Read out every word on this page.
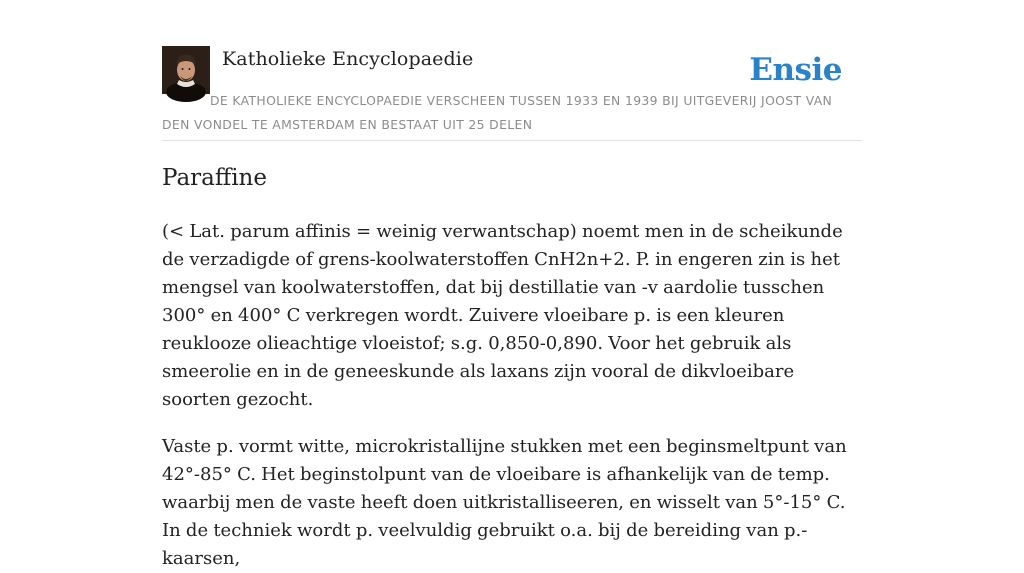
Katholieke Encyclopaedie	Ensie
DE KATHOLIEKE ENCYCLOPAEDIE VERSCHEEN TUSSEN 1933 EN 1939 BIJ UITGEVERIJ JOOST VAN DEN VONDEL TE AMSTERDAM EN BESTAAT UIT 25 DELEN
Paraffine

(< Lat. parum affinis = weinig verwantschap) noemt men in de scheikunde de verzadigde of grens-koolwaterstoffen CnH2n+2. P. in engeren zin is het mengsel van koolwaterstoffen, dat bij destillatie van -v aardolie tusschen 300° en 400° C verkregen wordt. Zuivere vloeibare p. is een kleuren reuklooze olieachtige vloeistof; s.g. 0,850-0,890. Voor het gebruik als smeerolie en in de geneeskunde als laxans zijn vooral de dikvloeibare soorten gezocht.

Vaste p. vormt witte, microkristallijne stukken met een beginsmeltpunt van 42°-85° C. Het beginstolpunt van de vloeibare is afhankelijk van de temp. waarbij men de vaste heeft doen uitkristalliseeren, en wisselt van 5°-15° C. In de techniek wordt p. veelvuldig gebruikt o.a. bij de bereiding van p.-kaarsen,
